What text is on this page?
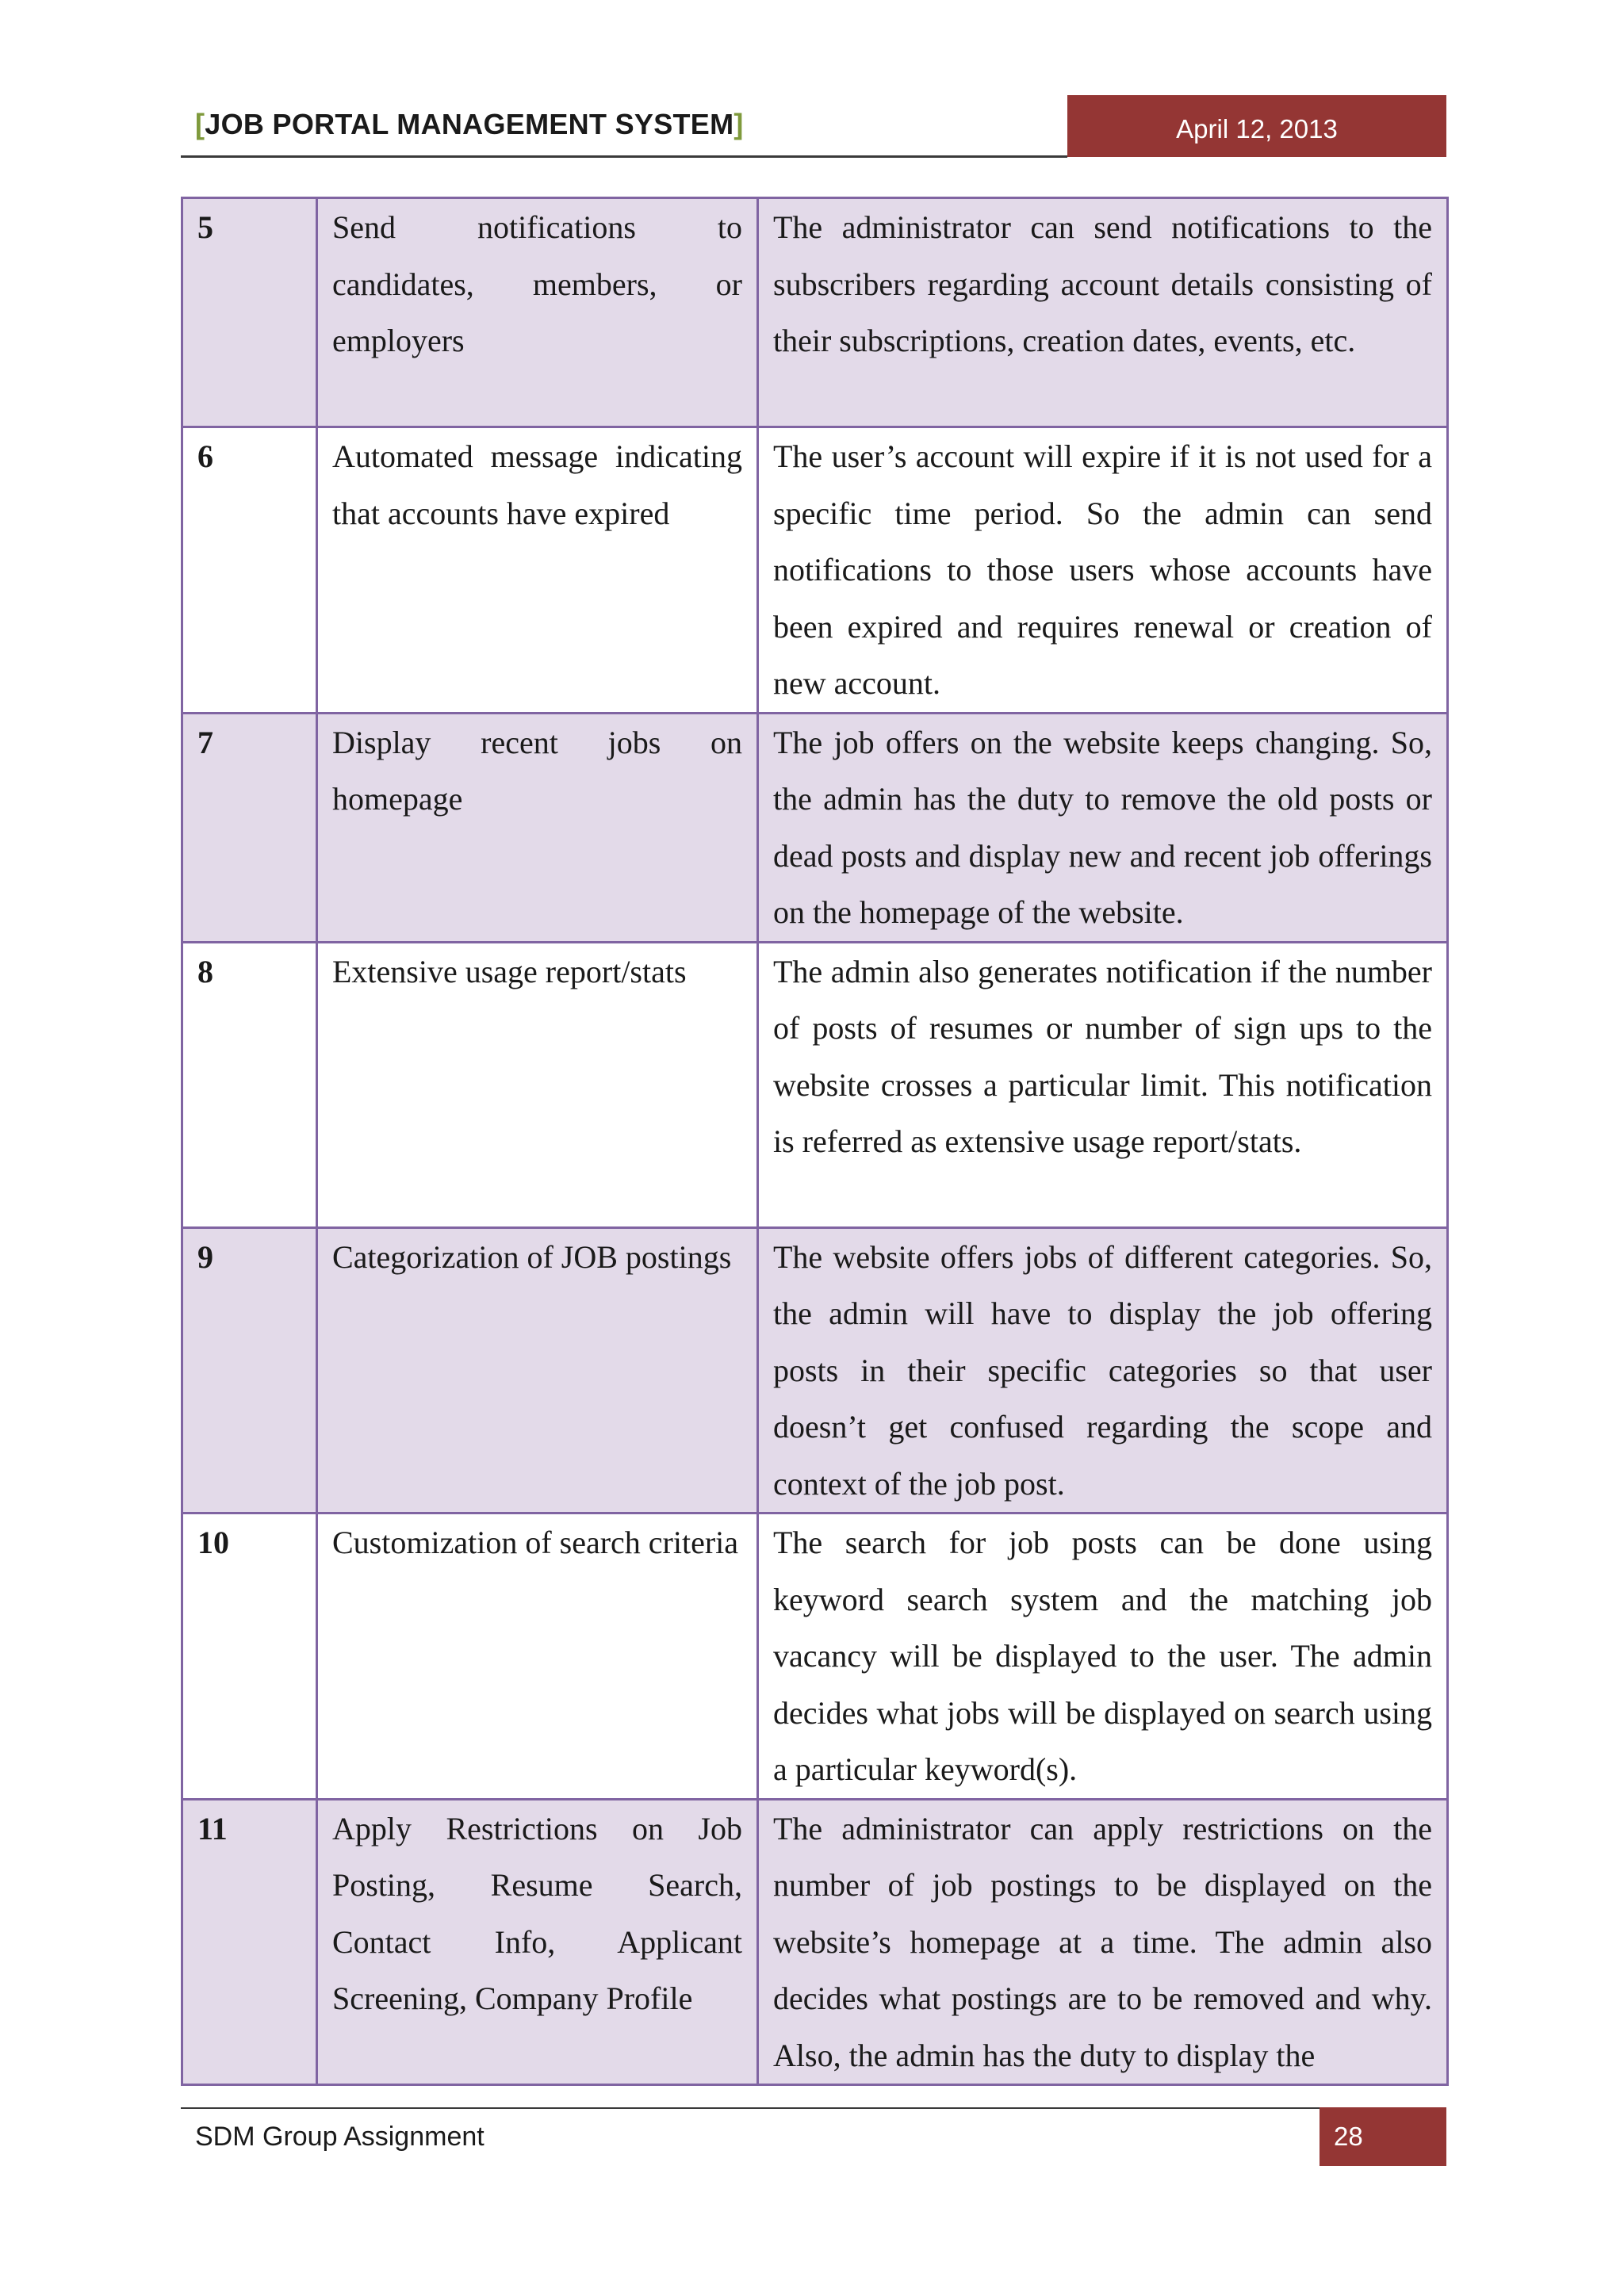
[JOB PORTAL MANAGEMENT SYSTEM]	April 12, 2013
5	Send notifications to candidates, members, or employers	The administrator can send notifications to the subscribers regarding account details consisting of their subscriptions, creation dates, events, etc.
6	Automated message indicating that accounts have expired	The user’s account will expire if it is not used for a specific time period. So the admin can send notifications to those users whose accounts have been expired and requires renewal or creation of new account.
7	Display recent jobs on homepage	The job offers on the website keeps changing. So, the admin has the duty to remove the old posts or dead posts and display new and recent job offerings on the homepage of the website.
8	Extensive usage report/stats	The admin also generates notification if the number of posts of resumes or number of sign ups to the website crosses a particular limit. This notification is referred as extensive usage report/stats.
9	Categorization of JOB postings	The website offers jobs of different categories. So, the admin will have to display the job offering posts in their specific categories so that user doesn’t get confused regarding the scope and context of the job post.
10	Customization of search criteria	The search for job posts can be done using keyword search system and the matching job vacancy will be displayed to the user. The admin decides what jobs will be displayed on search using a particular keyword(s).
11	Apply Restrictions on Job Posting, Resume Search, Contact Info, Applicant Screening, Company Profile	The administrator can apply restrictions on the number of job postings to be displayed on the website’s homepage at a time. The admin also decides what postings are to be removed and why. Also, the admin has the duty to display the
SDM Group Assignment	28
